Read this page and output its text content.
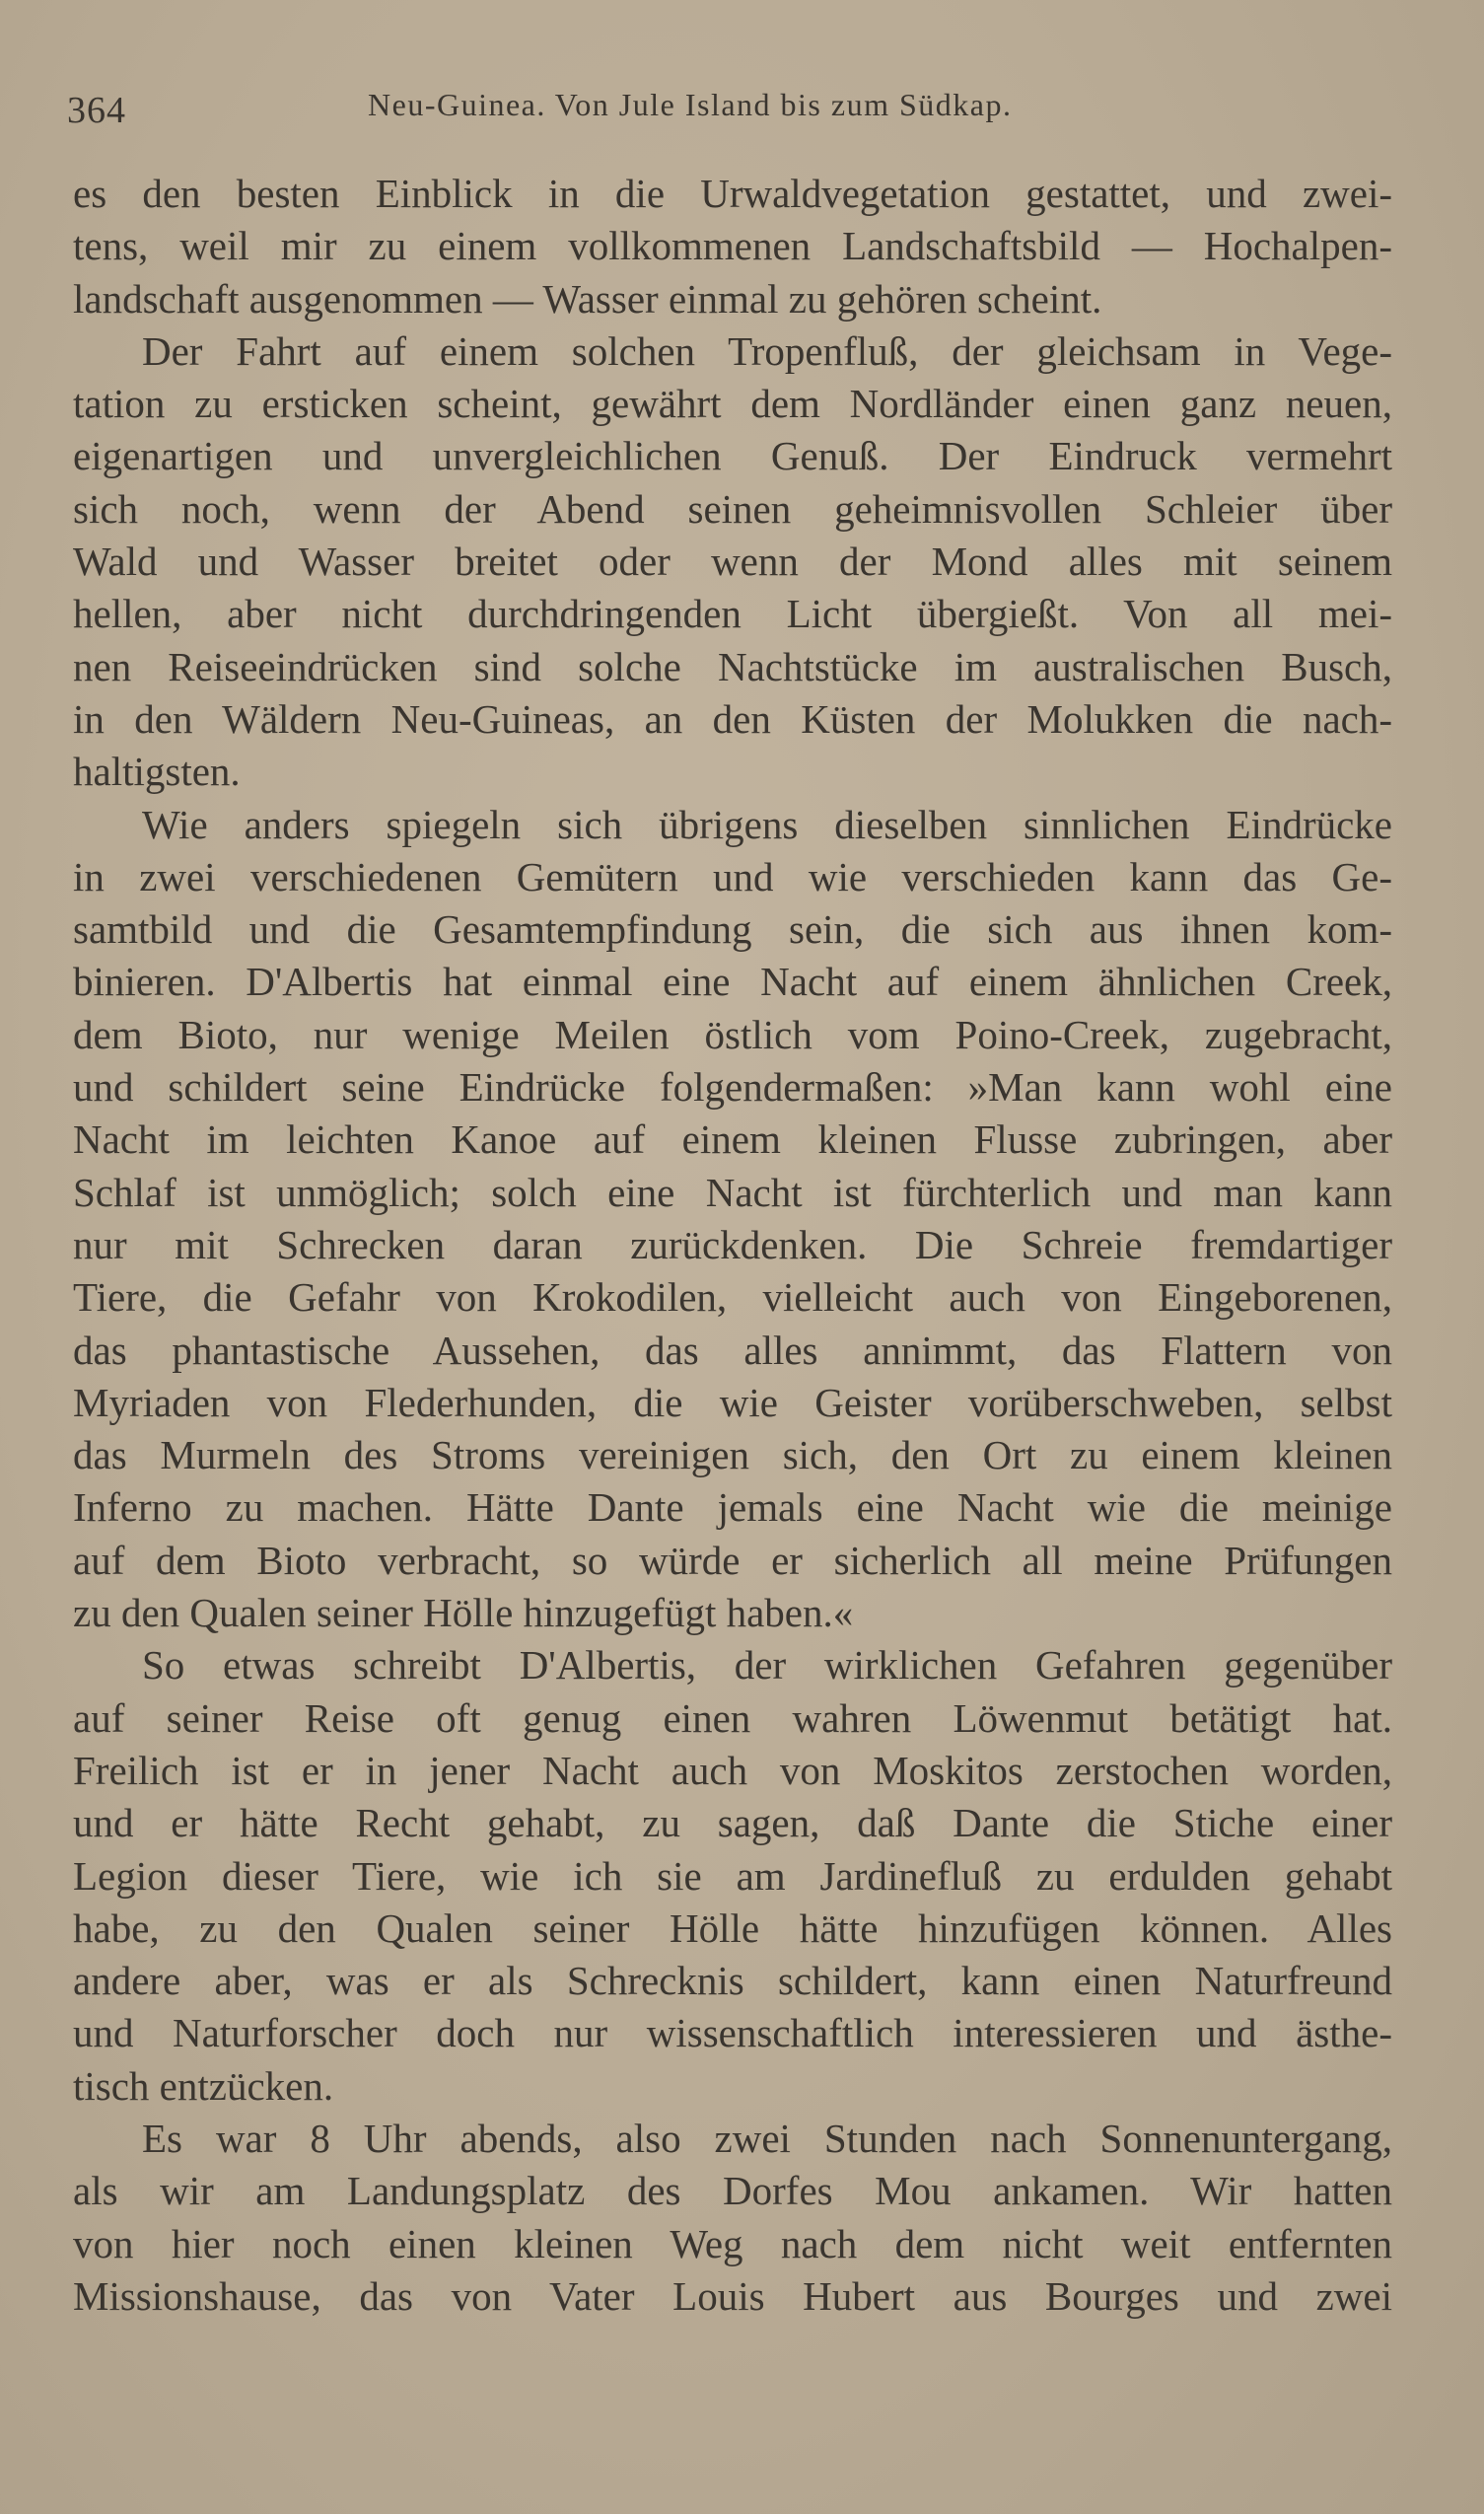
364	Neu-Guinea. Von Jule Island bis zum Südkap.
es den besten Einblick in die Urwaldvegetation gestattet, und zwei-
tens, weil mir zu einem vollkommenen Landschaftsbild — Hochalpen-
landschaft ausgenommen — Wasser einmal zu gehören scheint.
Der Fahrt auf einem solchen Tropenfluß, der gleichsam in Vege-
tation zu ersticken scheint, gewährt dem Nordländer einen ganz neuen,
eigenartigen und unvergleichlichen Genuß. Der Eindruck vermehrt
sich noch, wenn der Abend seinen geheimnisvollen Schleier über
Wald und Wasser breitet oder wenn der Mond alles mit seinem
hellen, aber nicht durchdringenden Licht übergießt. Von all mei-
nen Reiseeindrücken sind solche Nachtstücke im australischen Busch,
in den Wäldern Neu-Guineas, an den Küsten der Molukken die nach-
haltigsten.
Wie anders spiegeln sich übrigens dieselben sinnlichen Eindrücke
in zwei verschiedenen Gemütern und wie verschieden kann das Ge-
samtbild und die Gesamtempfindung sein, die sich aus ihnen kom-
binieren. D'Albertis hat einmal eine Nacht auf einem ähnlichen Creek,
dem Bioto, nur wenige Meilen östlich vom Poino-Creek, zugebracht,
und schildert seine Eindrücke folgendermaßen: »Man kann wohl eine
Nacht im leichten Kanoe auf einem kleinen Flusse zubringen, aber
Schlaf ist unmöglich; solch eine Nacht ist fürchterlich und man kann
nur mit Schrecken daran zurückdenken. Die Schreie fremdartiger
Tiere, die Gefahr von Krokodilen, vielleicht auch von Eingeborenen,
das phantastische Aussehen, das alles annimmt, das Flattern von
Myriaden von Flederhunden, die wie Geister vorüberschweben, selbst
das Murmeln des Stroms vereinigen sich, den Ort zu einem kleinen
Inferno zu machen. Hätte Dante jemals eine Nacht wie die meinige
auf dem Bioto verbracht, so würde er sicherlich all meine Prüfungen
zu den Qualen seiner Hölle hinzugefügt haben.«
So etwas schreibt D'Albertis, der wirklichen Gefahren gegenüber
auf seiner Reise oft genug einen wahren Löwenmut betätigt hat.
Freilich ist er in jener Nacht auch von Moskitos zerstochen worden,
und er hätte Recht gehabt, zu sagen, daß Dante die Stiche einer
Legion dieser Tiere, wie ich sie am Jardinefluß zu erdulden gehabt
habe, zu den Qualen seiner Hölle hätte hinzufügen können. Alles
andere aber, was er als Schrecknis schildert, kann einen Naturfreund
und Naturforscher doch nur wissenschaftlich interessieren und ästhe-
tisch entzücken.
Es war 8 Uhr abends, also zwei Stunden nach Sonnenuntergang,
als wir am Landungsplatz des Dorfes Mou ankamen. Wir hatten
von hier noch einen kleinen Weg nach dem nicht weit entfernten
Missionshause, das von Vater Louis Hubert aus Bourges und zwei
